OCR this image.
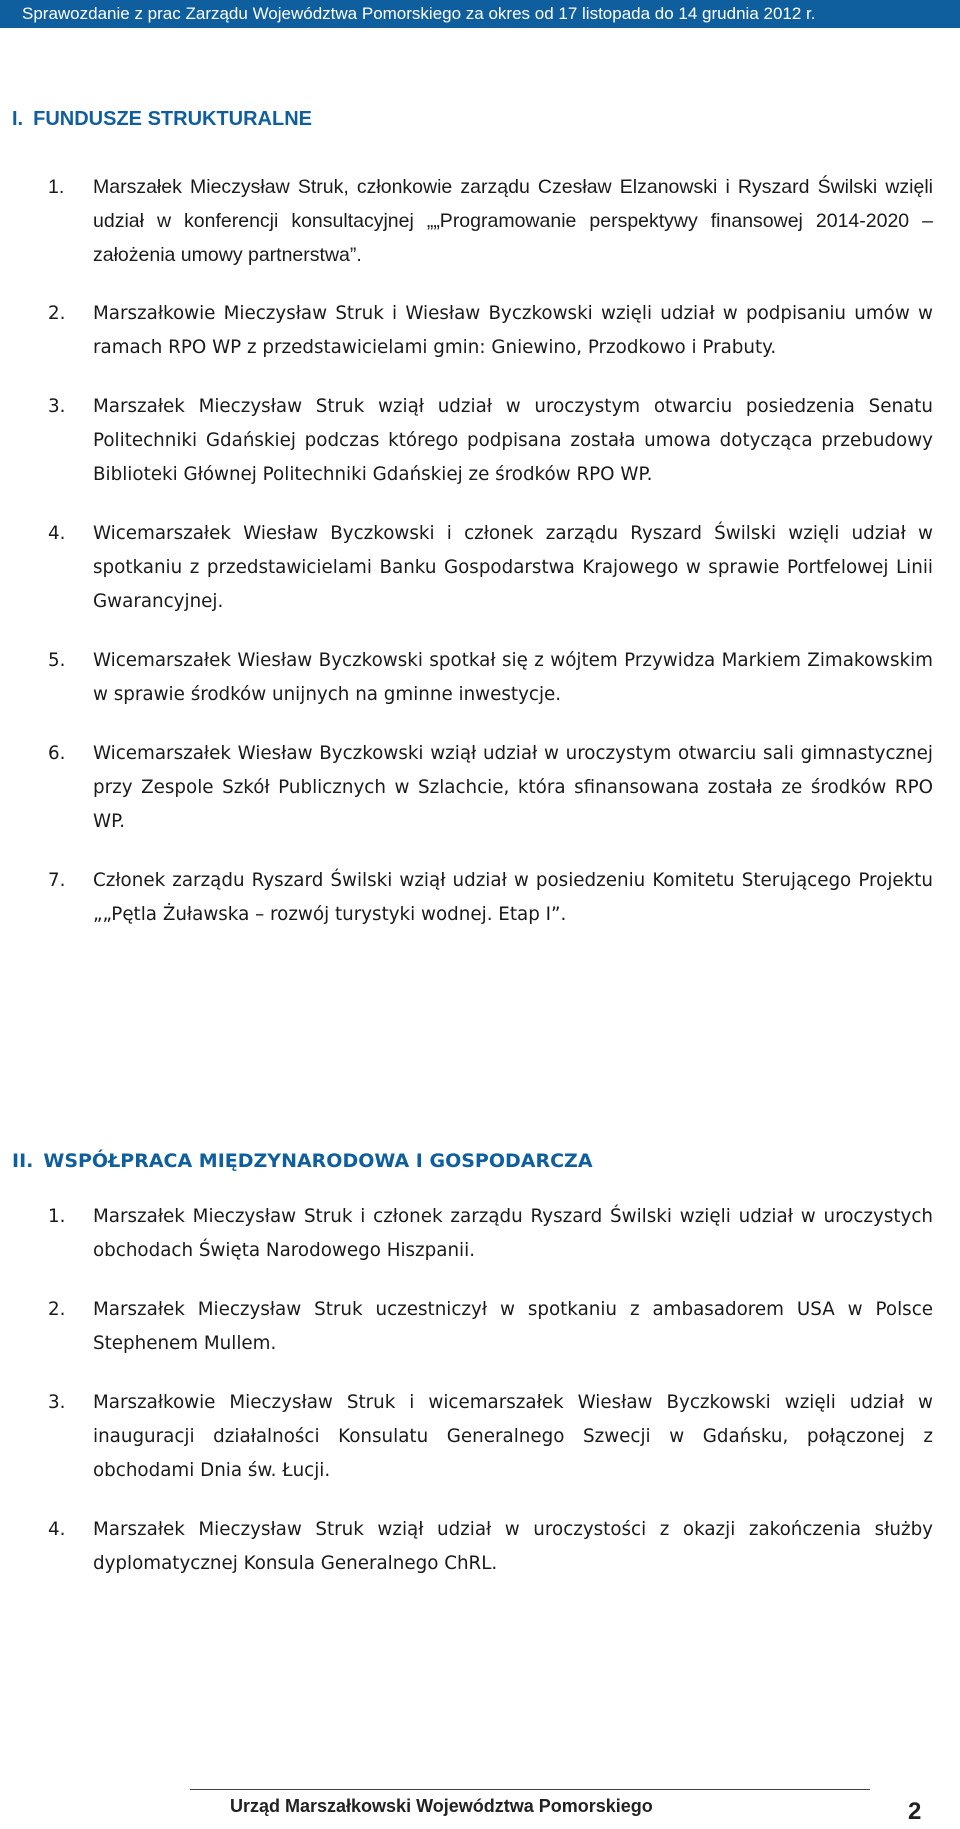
Sprawozdanie z prac Zarządu Województwa Pomorskiego za okres od 17 listopada do 14 grudnia 2012 r.
I. FUNDUSZE STRUKTURALNE
1. Marszałek Mieczysław Struk, członkowie zarządu Czesław Elzanowski i Ryszard Świlski wzięli udział w konferencji konsultacyjnej „„Programowanie perspektywy finansowej 2014-2020 – założenia umowy partnerstwa”.
2. Marszałkowie Mieczysław Struk i Wiesław Byczkowski wzięli udział w podpisaniu umów w ramach RPO WP z przedstawicielami gmin: Gniewino, Przodkowo i Prabuty.
3. Marszałek Mieczysław Struk wziął udział w uroczystym otwarciu posiedzenia Senatu Politechniki Gdańskiej podczas którego podpisana została umowa dotycząca przebudowy Biblioteki Głównej Politechniki Gdańskiej ze środków RPO WP.
4. Wicemarszałek Wiesław Byczkowski i członek zarządu Ryszard Świlski wzięli udział w spotkaniu z przedstawicielami Banku Gospodarstwa Krajowego w sprawie Portfelowej Linii Gwarancyjnej.
5. Wicemarszałek Wiesław Byczkowski spotkał się z wójtem Przywidza Markiem Zimakowskim w sprawie środków unijnych na gminne inwestycje.
6. Wicemarszałek Wiesław Byczkowski wziął udział w uroczystym otwarciu sali gimnastycznej przy Zespole Szkół Publicznych w Szlachcie, która sfinansowana została ze środków RPO WP.
7. Członek zarządu Ryszard Świlski wziął udział w posiedzeniu Komitetu Sterującego Projektu „„Pętla Żuławska – rozwój turystyki wodnej. Etap I”.
II. WSPÓŁPRACA MIĘDZYNARODOWA I GOSPODARCZA
1. Marszałek Mieczysław Struk i członek zarządu Ryszard Świlski wzięli udział w uroczystych obchodach Święta Narodowego Hiszpanii.
2. Marszałek Mieczysław Struk uczestniczył w spotkaniu z ambasadorem USA w Polsce Stephenem Mullem.
3. Marszałkowie Mieczysław Struk i wicemarszałek Wiesław Byczkowski wzięli udział w inauguracji działalności Konsulatu Generalnego Szwecji w Gdańsku, połączonej z obchodami Dnia św. Łucji.
4. Marszałek Mieczysław Struk wziął udział w uroczystości z okazji zakończenia służby dyplomatycznej Konsula Generalnego ChRL.
Urząd Marszałkowski Województwa Pomorskiego	2
